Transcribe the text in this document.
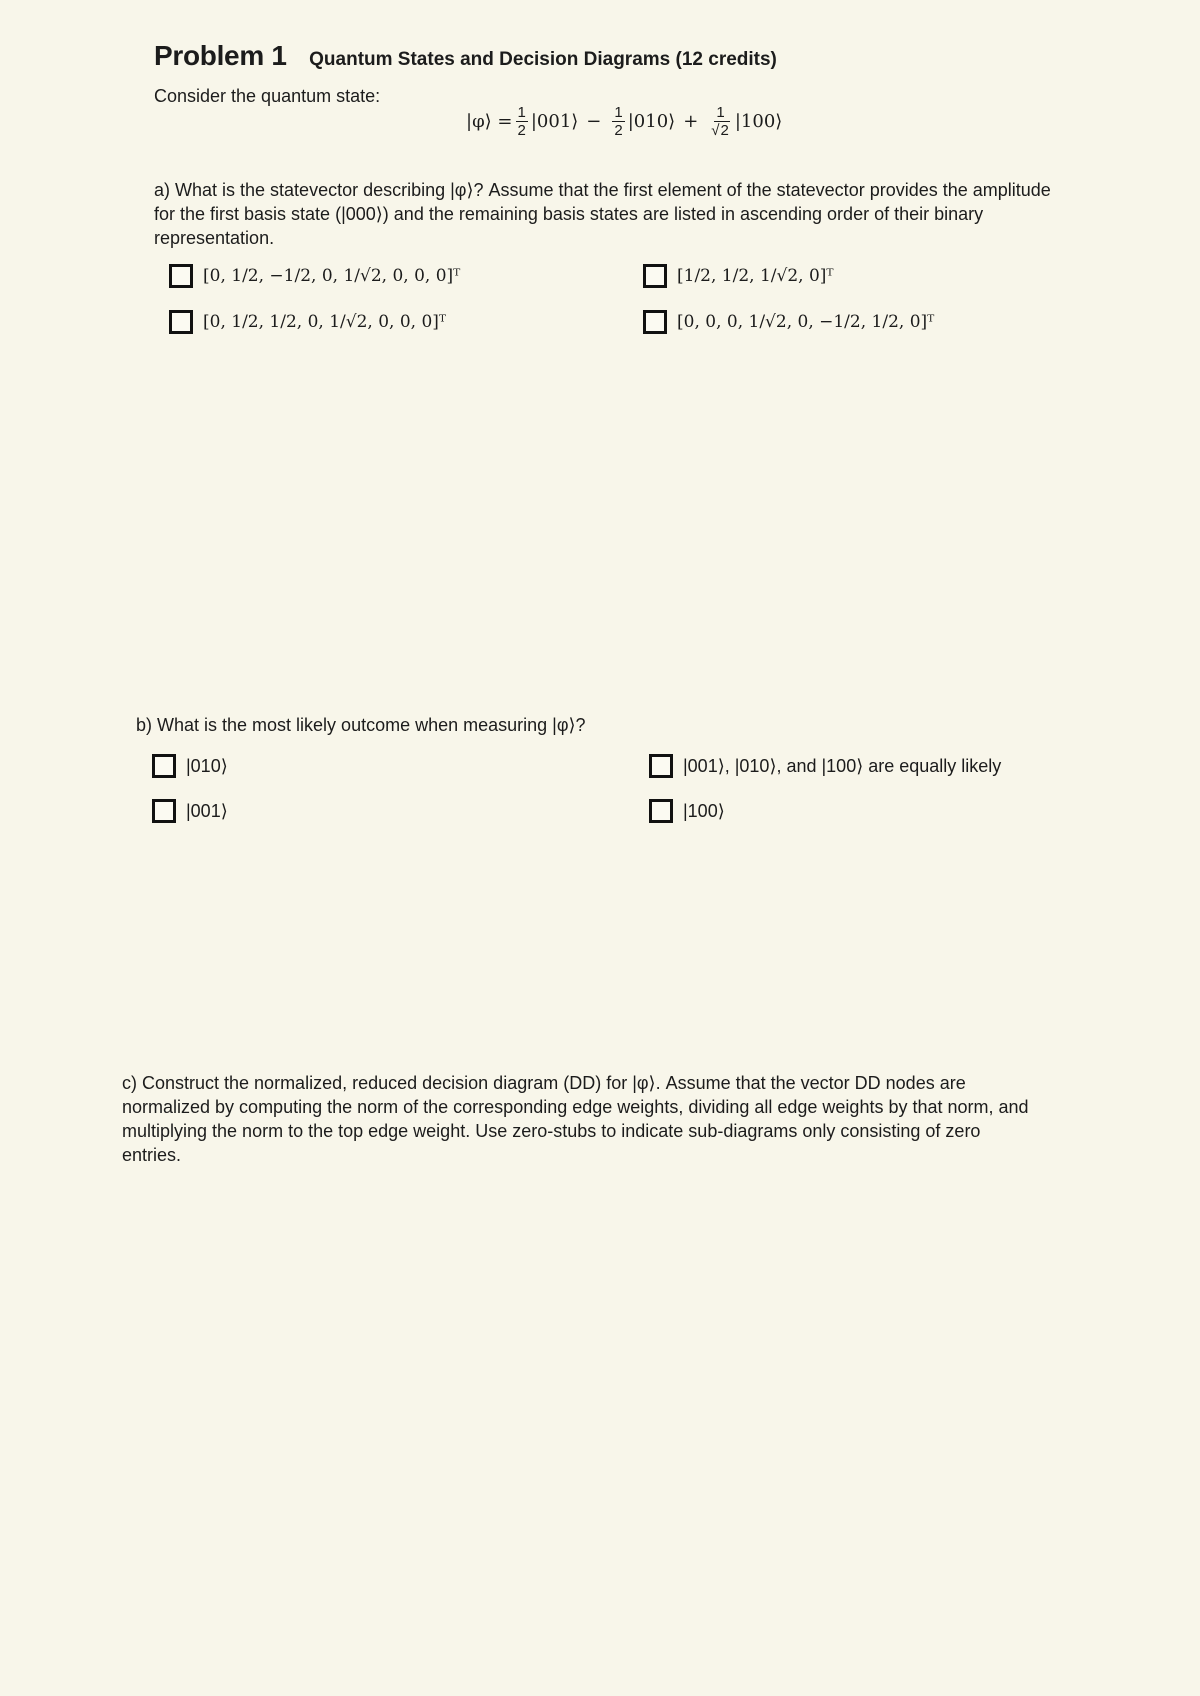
Problem 1 Quantum States and Decision Diagrams (12 credits)
Consider the quantum state:
|φ⟩ = $\frac{1}{2}$ |001⟩ − $\frac{1}{2}$ |010⟩ + 1
√ 2 |100⟩
a) What is the statevector describing |φ⟩? Assume that the first element of the statevector provides the amplitude for the first basis state (|000⟩) and the remaining basis states are listed in ascending order of their binary representation.
[0, 1/2, −1/2, 0, 1/√2, 0, 0, 0]ᵀ	[1/2, 1/2, 1/√2, 0]ᵀ
[0, 1/2, 1/2, 0, 1/√2, 0, 0, 0]ᵀ	[0, 0, 0, 1/√2, 0, −1/2, 1/2, 0]ᵀ
b) What is the most likely outcome when measuring |φ⟩?
|010⟩	|001⟩, |010⟩, and |100⟩ are equally likely
|001⟩	|100⟩
c) Construct the normalized, reduced decision diagram (DD) for |φ⟩. Assume that the vector DD nodes are normalized by computing the norm of the corresponding edge weights, dividing all edge weights by that norm, and multiplying the norm to the top edge weight. Use zero-stubs to indicate sub-diagrams only consisting of zero entries.
